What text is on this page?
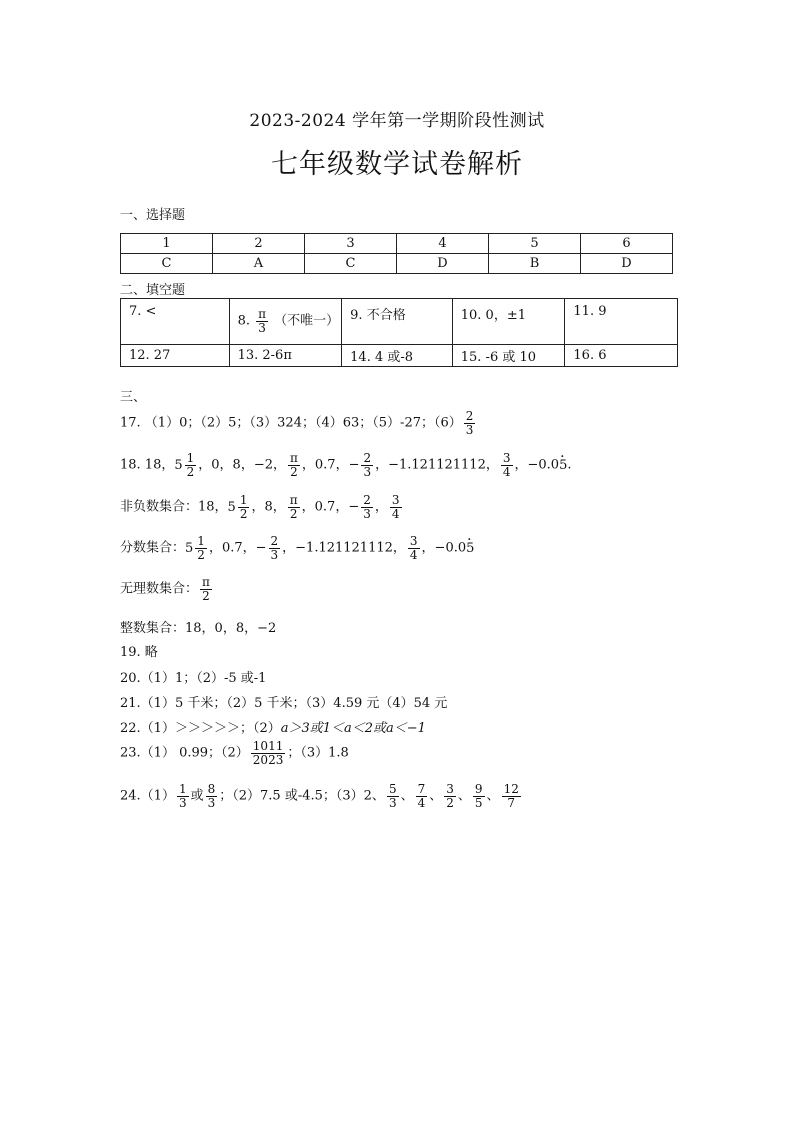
2023-2024 学年第一学期阶段性测试
七年级数学试卷解析
一、选择题
1	2	3	4	5	6
C	A	C	D	B	D
二、填空题
7. <	8. $\frac{\pi}{3}$ （不唯一）	9. 不合格	10. 0，±1	11. 9
12. 27	13. 2-6π	14. 4 或-8	15. -6 或 10	16. 6
三、
17. （1）0；（2）5；（3）324；（4）63；（5）-27；$(6) \frac{2}{3}$
18. 18， $5 \frac{1}{2}$ ，0，8，−2， $\frac{\pi}{2}$ ，0.7，− $\frac{2}{3}$ ，−1.121121112， $\frac{3}{4}$ ，−0.05 ·.
非负数集合：18， $5 \frac{1}{2}$ ，8， $\frac{\pi}{2}$ ，0.7，− $\frac{2}{3}$ ， $\frac{3}{4}$
分数集合： $5 \frac{1}{2}$ ，0.7，− $\frac{2}{3}$ ，−1.121121112， $\frac{3}{4}$ ，−0.05 ·
无理数集合： $\frac{\pi}{2}$
整数集合：18，0，8，−2
19. 略
20.（1）1；（2）-5 或-1
21.（1）5 千米；（2）5 千米；（3）4.59 元（4）54 元
22.（1）＞＞＞＞＞；（2）a＞3或1＜a＜2或a＜−1
23.（1） 0.99；$(2) \frac{1011}{2023}$ ；（3）1.8
$24.(1) \frac{1}{3}$ 或 $\frac{8}{3}$ ；（2）7.5 或-4.5；（3）2、 $\frac{5}{3}$ 、 $\frac{7}{4}$ 、 $\frac{3}{2}$ 、 $\frac{9}{5}$ 、 $\frac{12}{7}$
